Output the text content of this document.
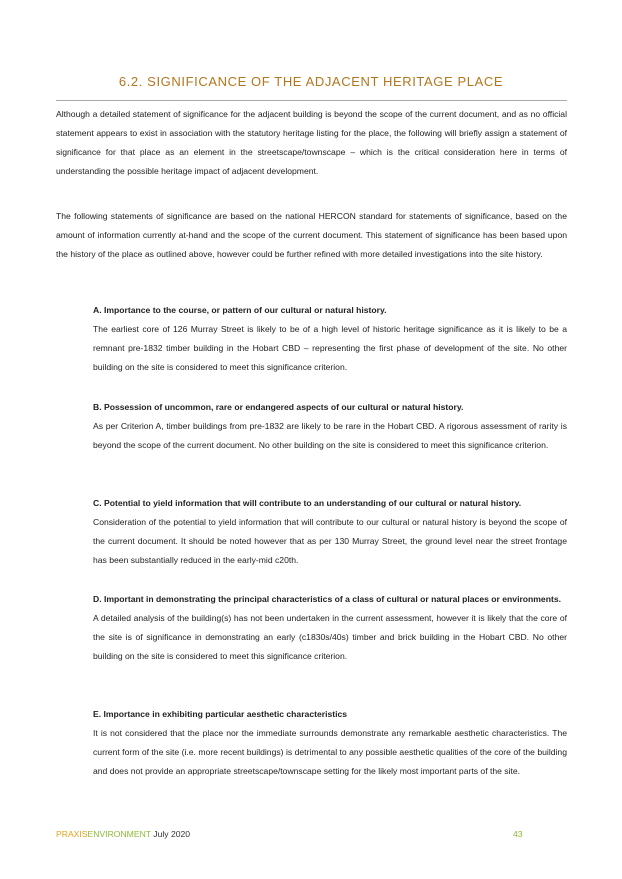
6.2. SIGNIFICANCE OF THE ADJACENT HERITAGE PLACE

Although a detailed statement of significance for the adjacent building is beyond the scope of the current document, and as no official statement appears to exist in association with the statutory heritage listing for the place, the following will briefly assign a statement of significance for that place as an element in the streetscape/townscape – which is the critical consideration here in terms of understanding the possible heritage impact of adjacent development.

The following statements of significance are based on the national HERCON standard for statements of significance, based on the amount of information currently at-hand and the scope of the current document. This statement of significance has been based upon the history of the place as outlined above, however could be further refined with more detailed investigations into the site history.

A. Importance to the course, or pattern of our cultural or natural history.

The earliest core of 126 Murray Street is likely to be of a high level of historic heritage significance as it is likely to be a remnant pre-1832 timber building in the Hobart CBD – representing the first phase of development of the site. No other building on the site is considered to meet this significance criterion.

B. Possession of uncommon, rare or endangered aspects of our cultural or natural history.

As per Criterion A, timber buildings from pre-1832 are likely to be rare in the Hobart CBD. A rigorous assessment of rarity is beyond the scope of the current document. No other building on the site is considered to meet this significance criterion.

C. Potential to yield information that will contribute to an understanding of our cultural or natural history.

Consideration of the potential to yield information that will contribute to our cultural or natural history is beyond the scope of the current document. It should be noted however that as per 130 Murray Street, the ground level near the street frontage has been substantially reduced in the early-mid c20th.

D. Important in demonstrating the principal characteristics of a class of cultural or natural places or environments.

A detailed analysis of the building(s) has not been undertaken in the current assessment, however it is likely that the core of the site is of significance in demonstrating an early (c1830s/40s) timber and brick building in the Hobart CBD. No other building on the site is considered to meet this significance criterion.

E. Importance in exhibiting particular aesthetic characteristics

It is not considered that the place nor the immediate surrounds demonstrate any remarkable aesthetic characteristics. The current form of the site (i.e. more recent buildings) is detrimental to any possible aesthetic qualities of the core of the building and does not provide an appropriate streetscape/townscape setting for the likely most important parts of the site.

PRAXISENVIRONMENT July 2020	43
